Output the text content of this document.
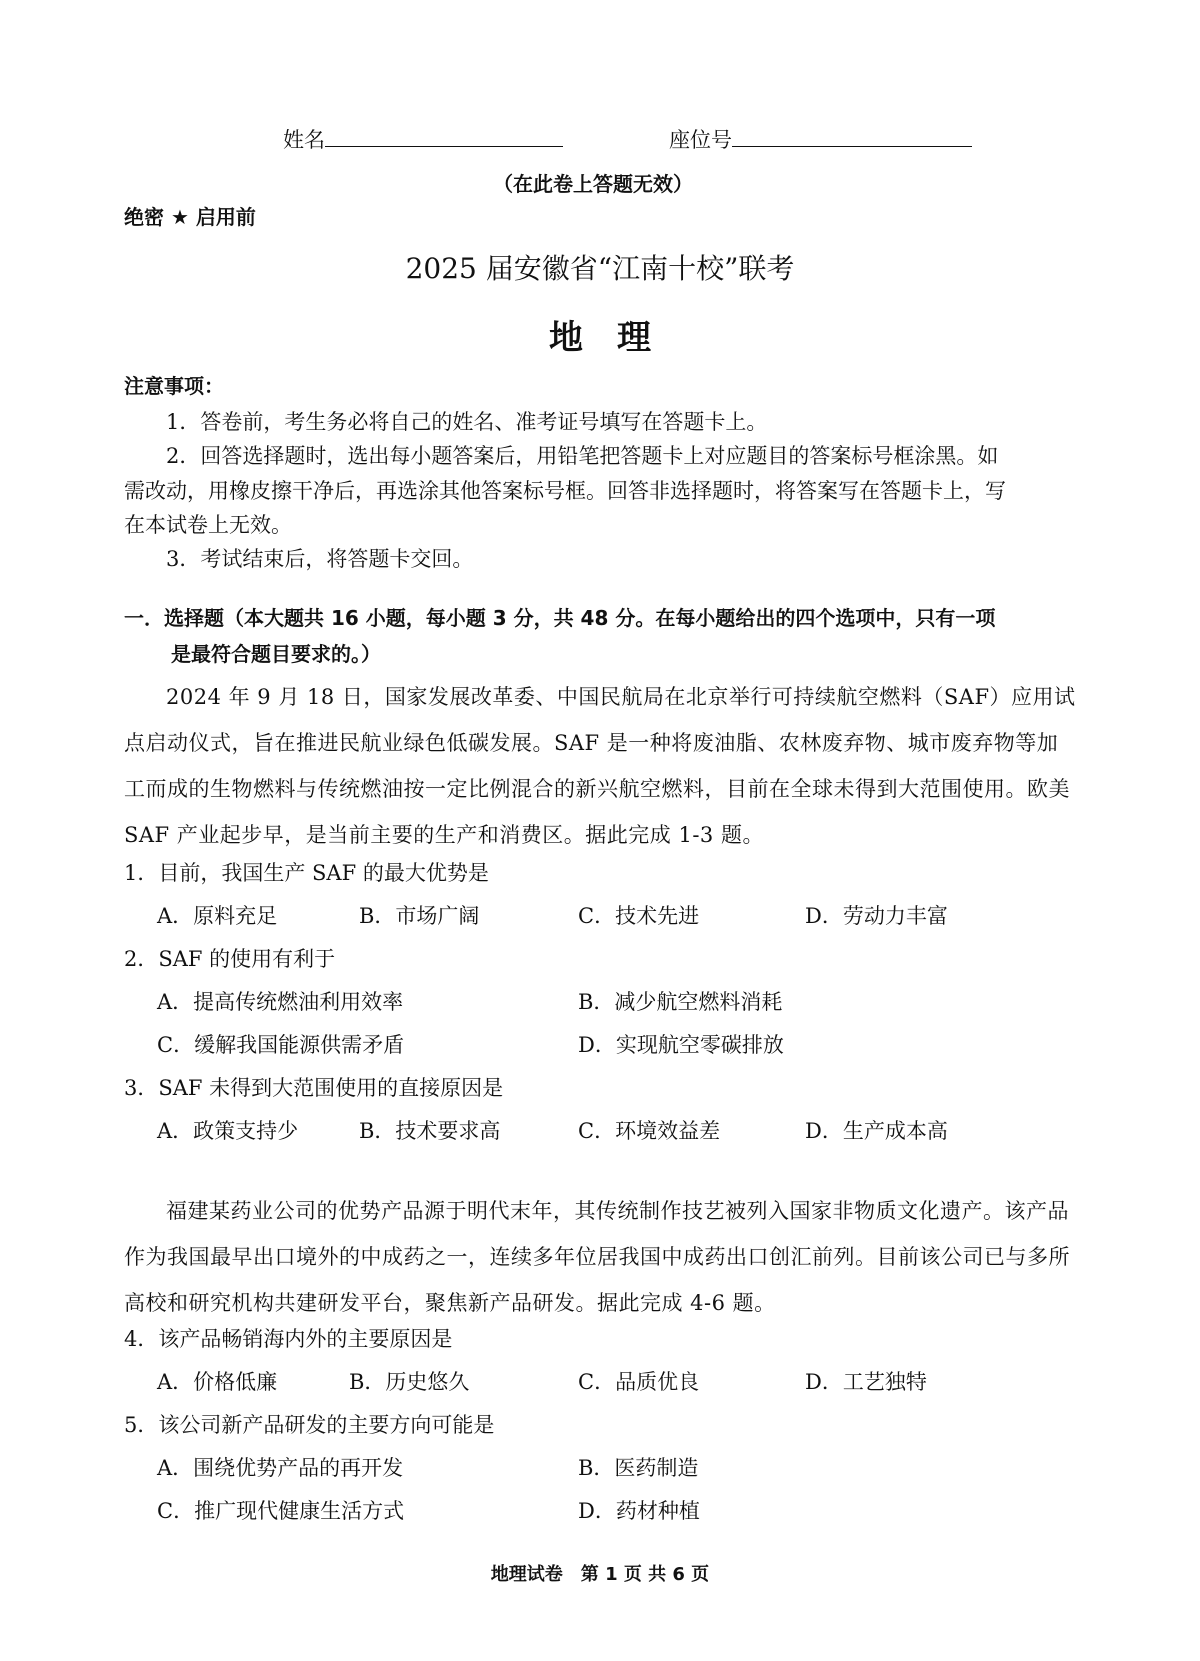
姓名	座位号
（在此卷上答题无效）
绝密 ★ 启用前
2025 届安徽省“江南十校”联考
地　理
注意事项：
1．答卷前，考生务必将自己的姓名、准考证号填写在答题卡上。
2．回答选择题时，选出每小题答案后，用铅笔把答题卡上对应题目的答案标号框涂黑。如
需改动，用橡皮擦干净后，再选涂其他答案标号框。回答非选择题时，将答案写在答题卡上，写
在本试卷上无效。
3．考试结束后，将答题卡交回。
一．选择题（本大题共 16 小题，每小题 3 分，共 48 分。在每小题给出的四个选项中，只有一项
是最符合题目要求的。）
2024 年 9 月 18 日，国家发展改革委、中国民航局在北京举行可持续航空燃料（SAF）应用试点启动仪式，旨在推进民航业绿色低碳发展。SAF 是一种将废油脂、农林废弃物、城市废弃物等加工而成的生物燃料与传统燃油按一定比例混合的新兴航空燃料，目前在全球未得到大范围使用。欧美 SAF 产业起步早，是当前主要的生产和消费区。据此完成 1-3 题。
1．目前，我国生产 SAF 的最大优势是
A．原料充足	B．市场广阔	C．技术先进	D．劳动力丰富
2．SAF 的使用有利于
A．提高传统燃油利用效率	B．减少航空燃料消耗
C．缓解我国能源供需矛盾	D．实现航空零碳排放
3．SAF 未得到大范围使用的直接原因是
A．政策支持少	B．技术要求高	C．环境效益差	D．生产成本高
福建某药业公司的优势产品源于明代末年，其传统制作技艺被列入国家非物质文化遗产。该产品作为我国最早出口境外的中成药之一，连续多年位居我国中成药出口创汇前列。目前该公司已与多所高校和研究机构共建研发平台，聚焦新产品研发。据此完成 4-6 题。
4．该产品畅销海内外的主要原因是
A．价格低廉	B．历史悠久	C．品质优良	D．工艺独特
5．该公司新产品研发的主要方向可能是
A．围绕优势产品的再开发	B．医药制造
C．推广现代健康生活方式	D．药材种植
地理试卷　第 1 页 共 6 页
